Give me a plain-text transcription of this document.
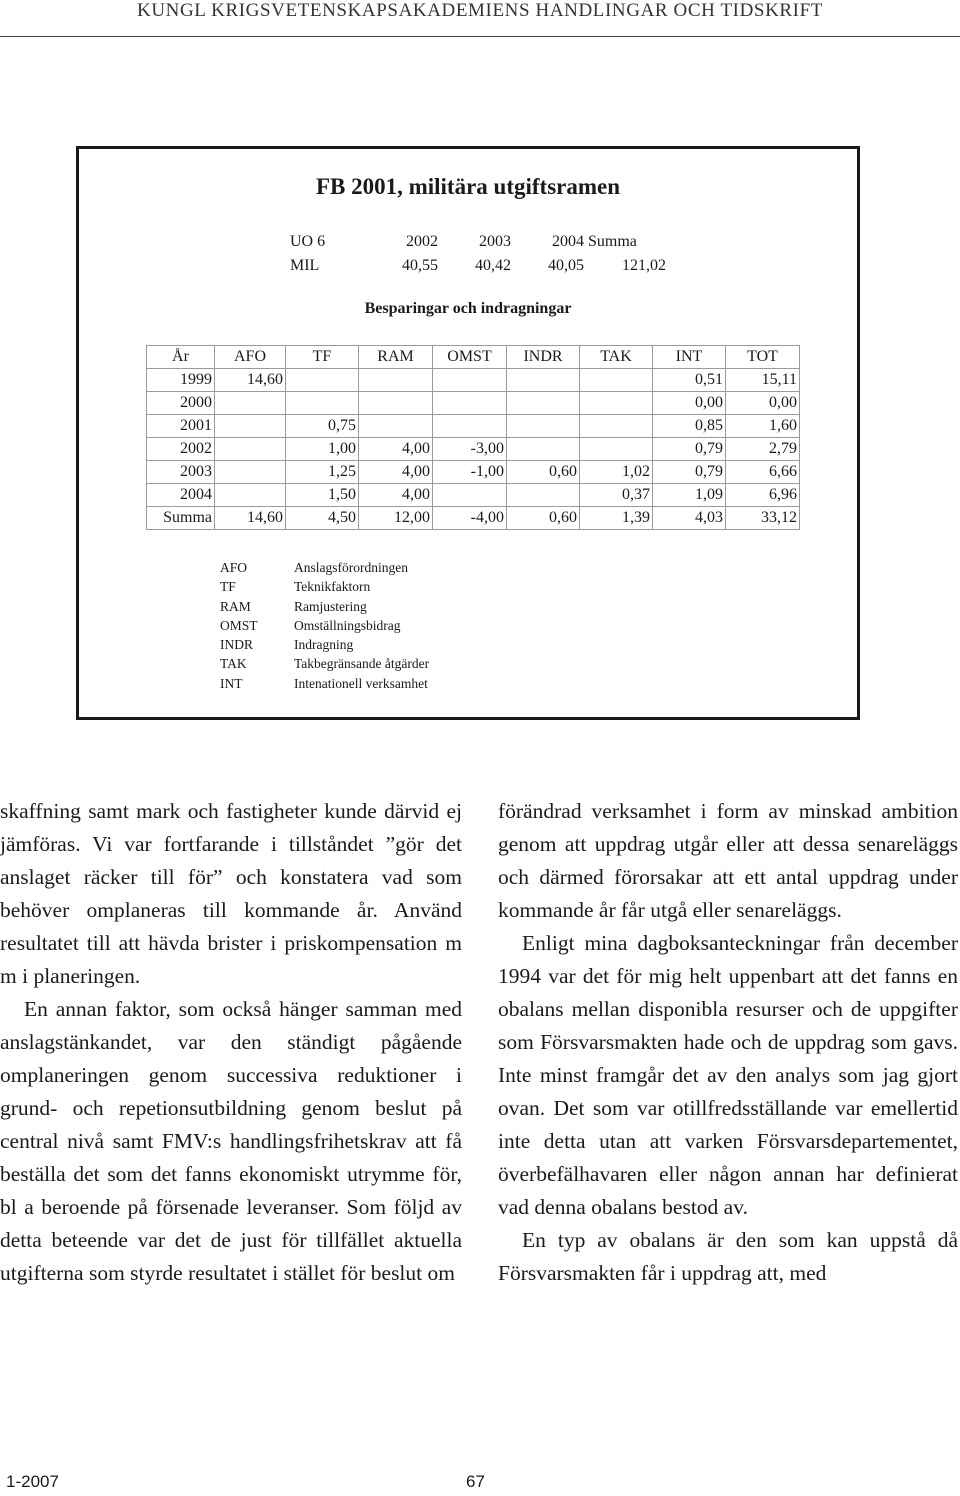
KUNGL KRIGSVETENSKAPSAKADEMIENS HANDLINGAR OCH TIDSKRIFT
FB 2001, militära utgiftsramen
UO 6	2002	2003	2004	Summa
MIL	40,55	40,42	40,05	121,02
Besparingar och indragningar
År	AFO	TF	RAM	OMST	INDR	TAK	INT	TOT
1999	14,60						0,51	15,11
2000							0,00	0,00
2001		0,75					0,85	1,60
2002		1,00	4,00	-3,00			0,79	2,79
2003		1,25	4,00	-1,00	0,60	1,02	0,79	6,66
2004		1,50	4,00			0,37	1,09	6,96
Summa	14,60	4,50	12,00	-4,00	0,60	1,39	4,03	33,12
AFO	Anslagsförordningen
TF	Teknikfaktorn
RAM	Ramjustering
OMST	Omställningsbidrag
INDR	Indragning
TAK	Takbegränsande åtgärder
INT	Intenationell verksamhet

skaffning samt mark och fastigheter kunde därvid ej jämföras. Vi var fortfarande i tillståndet ”gör det anslaget räcker till för” och konstatera vad som behöver omplaneras till kommande år. Använd resultatet till att hävda brister i priskompensation m m i planeringen.

En annan faktor, som också hänger samman med anslagstänkandet, var den ständigt pågående omplaneringen genom successiva reduktioner i grund- och repetionsutbildning genom beslut på central nivå samt FMV:s handlingsfrihetskrav att få beställa det som det fanns ekonomiskt utrymme för, bl a beroende på försenade leveranser. Som följd av detta beteende var det de just för tillfället aktuella utgifterna som styrde resultatet i stället för beslut om

förändrad verksamhet i form av minskad ambition genom att uppdrag utgår eller att dessa senareläggs och därmed förorsakar att ett antal uppdrag under kommande år får utgå eller senareläggs.

Enligt mina dagboksanteckningar från december 1994 var det för mig helt uppenbart att det fanns en obalans mellan disponibla resurser och de uppgifter som Försvarsmakten hade och de uppdrag som gavs. Inte minst framgår det av den analys som jag gjort ovan. Det som var otillfredsställande var emellertid inte detta utan att varken Försvarsdepartementet, överbefälhavaren eller någon annan har definierat vad denna obalans bestod av.

En typ av obalans är den som kan uppstå då Försvarsmakten får i uppdrag att, med

1-2007	67
